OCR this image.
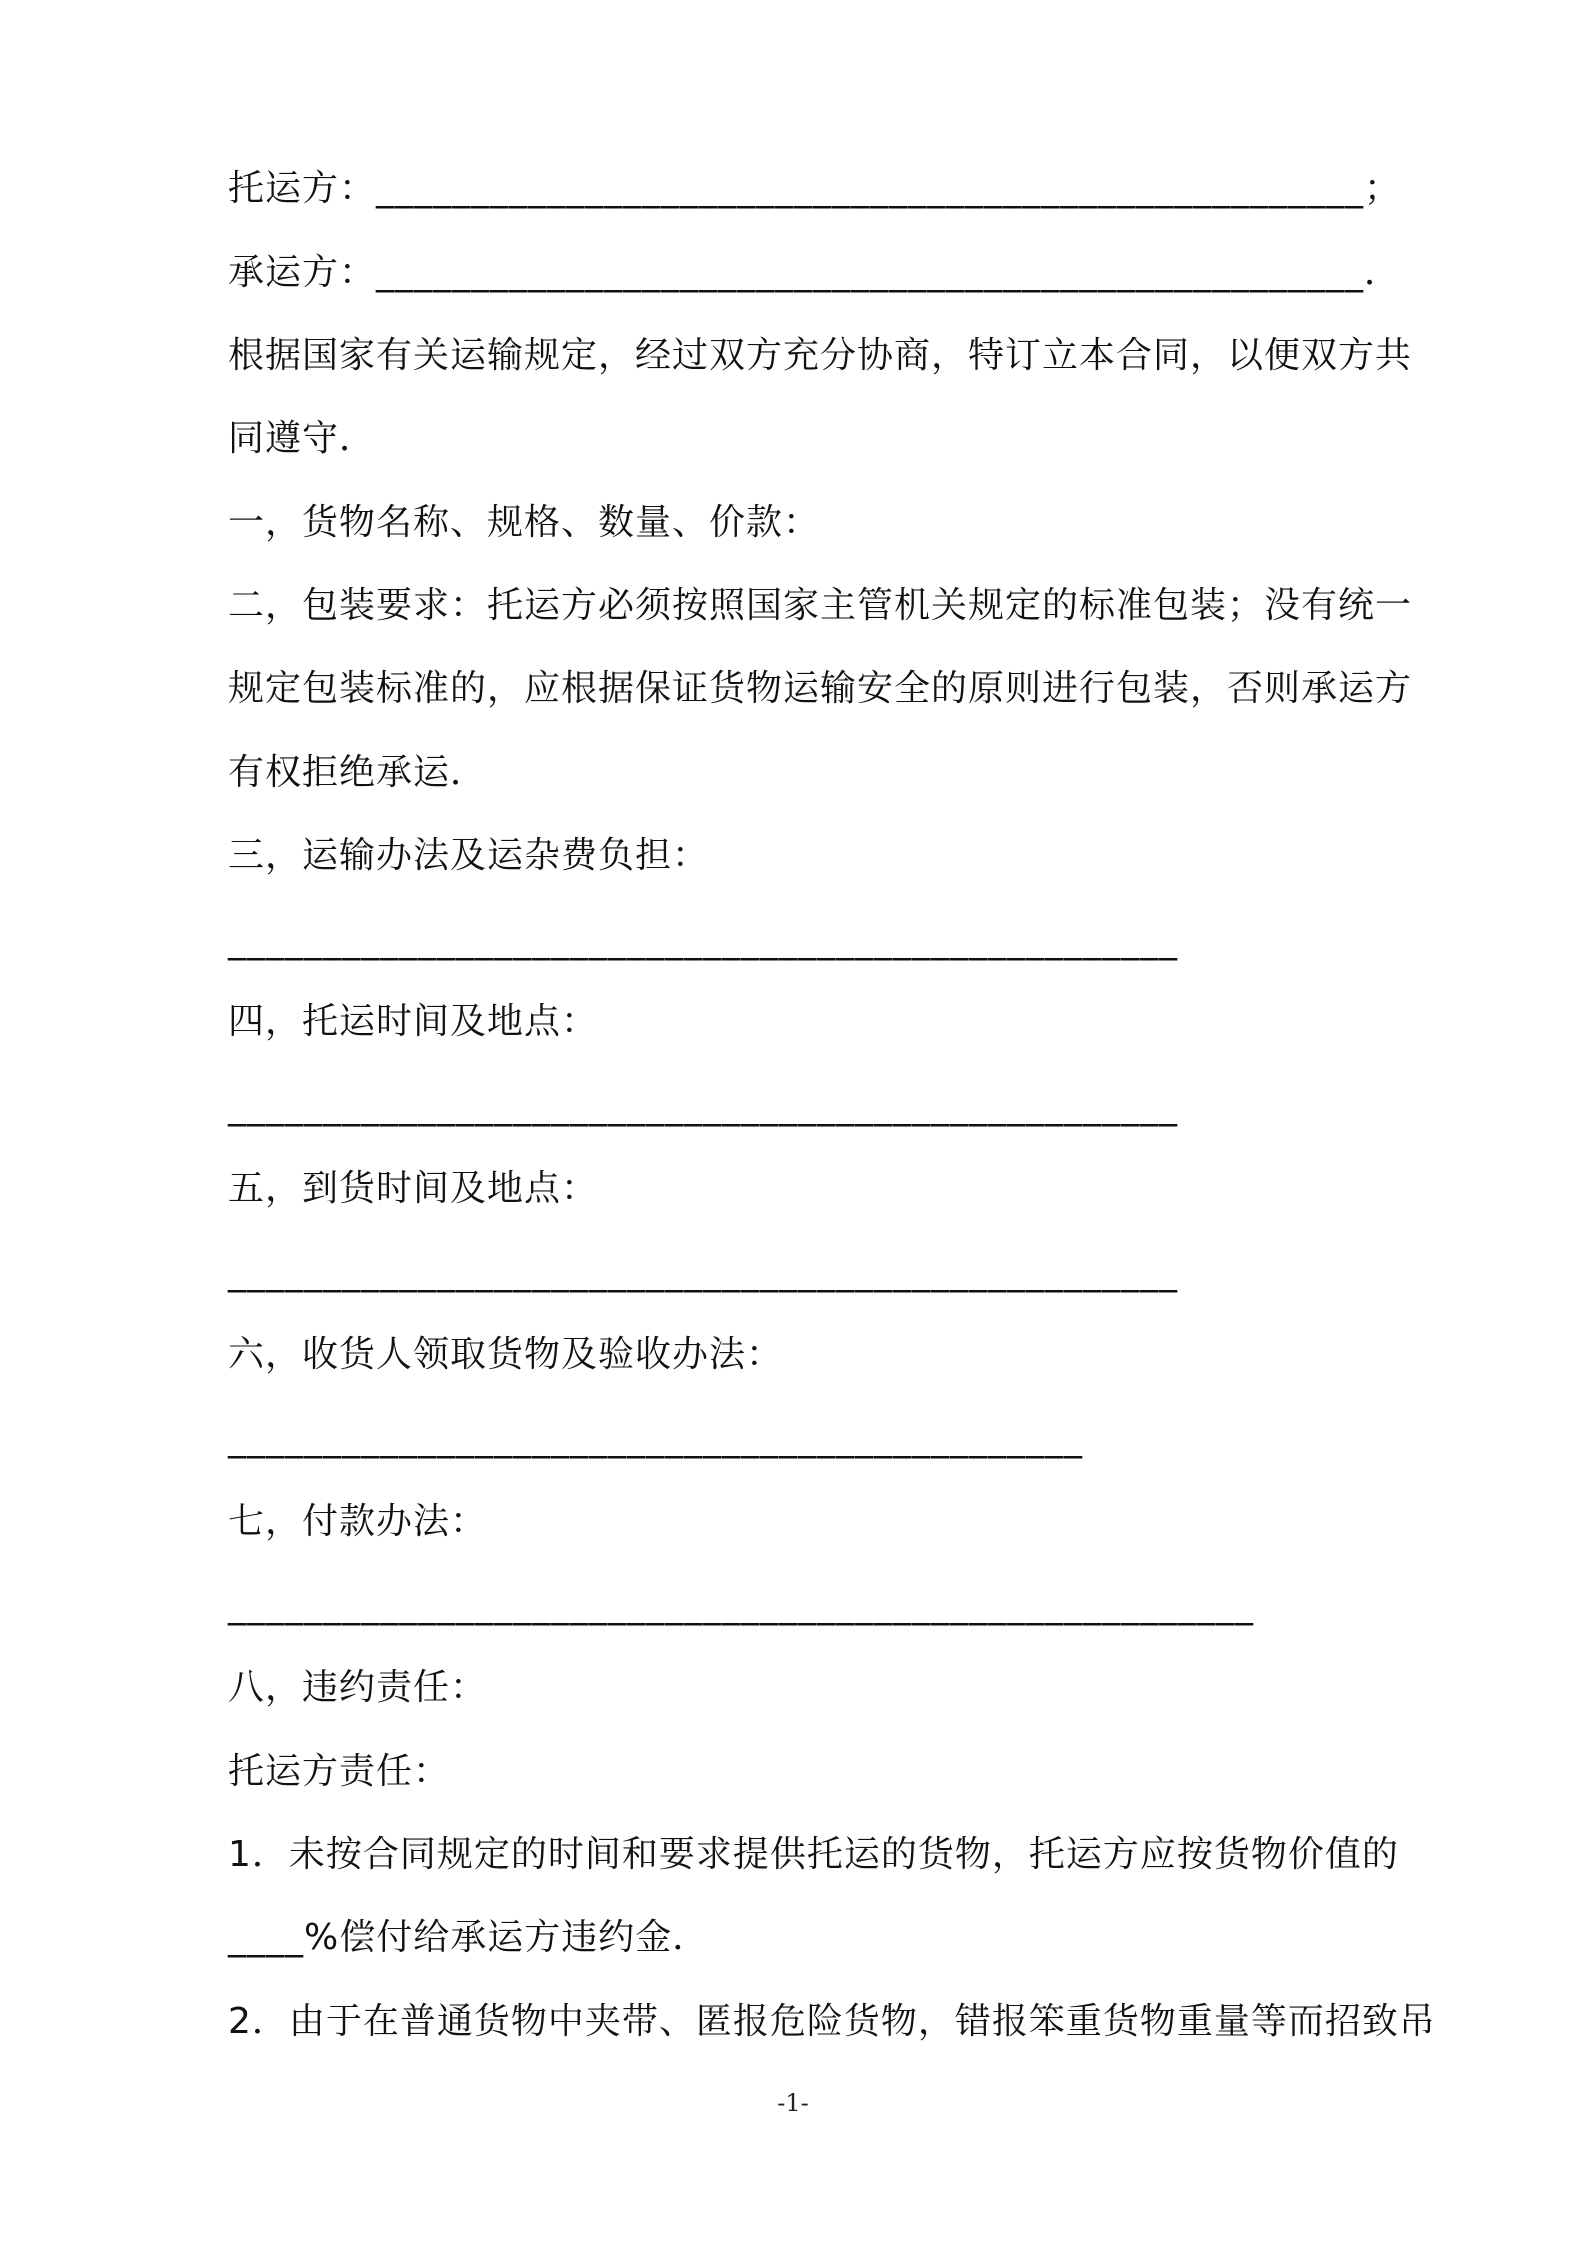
托运方：____________________________________________________；
承运方：____________________________________________________．
根据国家有关运输规定，经过双方充分协商，特订立本合同，以便双方共
同遵守．
一，货物名称、规格、数量、价款：
二，包装要求：托运方必须按照国家主管机关规定的标准包装；没有统一
规定包装标准的，应根据保证货物运输安全的原则进行包装，否则承运方
有权拒绝承运．
三，运输办法及运杂费负担：
__________________________________________________
四，托运时间及地点：
__________________________________________________
五，到货时间及地点：
__________________________________________________
六，收货人领取货物及验收办法：
_____________________________________________
七，付款办法：
______________________________________________________
八，违约责任：
托运方责任：
1．未按合同规定的时间和要求提供托运的货物，托运方应按货物价值的
____%偿付给承运方违约金．
2．由于在普通货物中夹带、匿报危险货物，错报笨重货物重量等而招致吊
-1-
